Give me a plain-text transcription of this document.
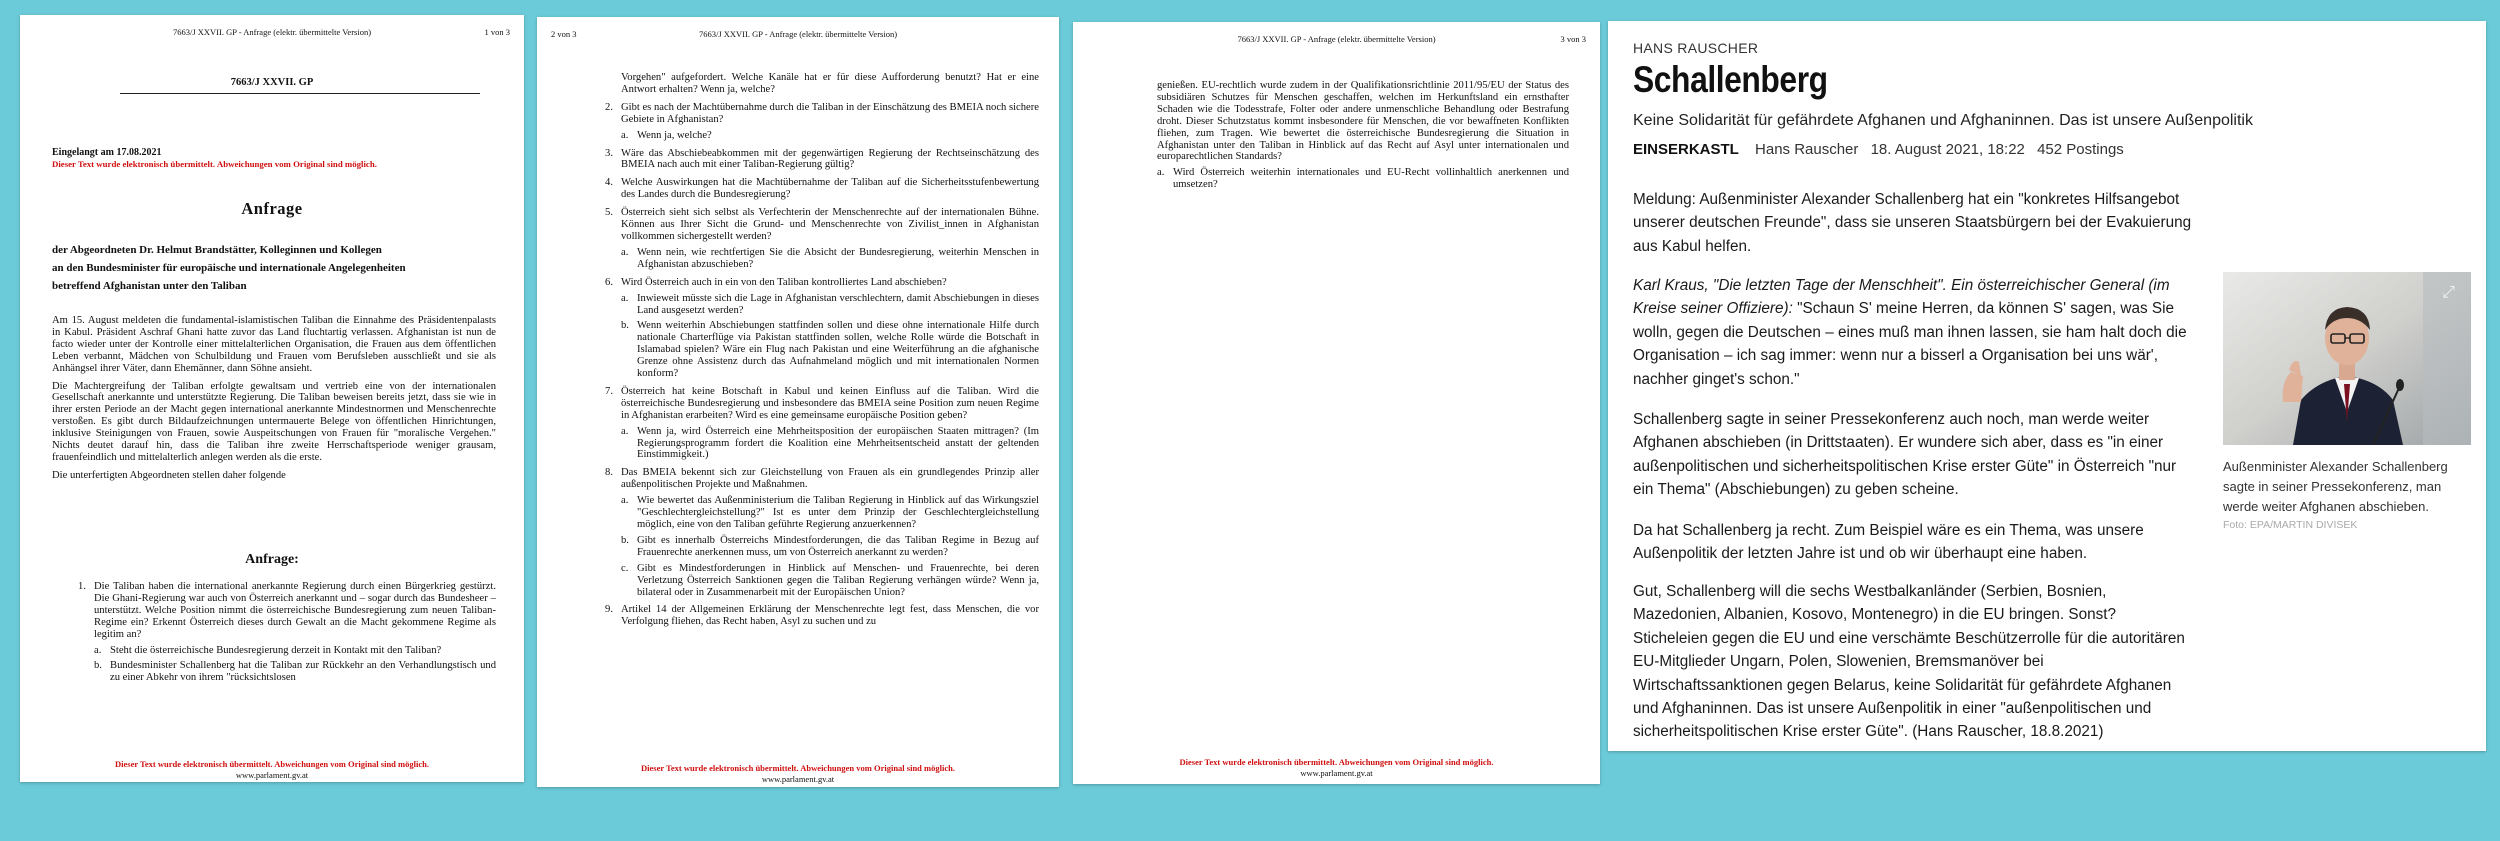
7663/J XXVII. GP - Anfrage (elektr. übermittelte Version)	1 von 3
7663/J XXVII. GP
Eingelangt am 17.08.2021
Dieser Text wurde elektronisch übermittelt. Abweichungen vom Original sind möglich.
Anfrage
der Abgeordneten Dr. Helmut Brandstätter, Kolleginnen und Kollegen
an den Bundesminister für europäische und internationale Angelegenheiten
betreffend Afghanistan unter den Taliban

Am 15. August meldeten die fundamental-islamistischen Taliban die Einnahme des Präsidentenpalasts in Kabul. Präsident Aschraf Ghani hatte zuvor das Land fluchtartig verlassen. Afghanistan ist nun de facto wieder unter der Kontrolle einer mittelalterlichen Organisation, die Frauen aus dem öffentlichen Leben verbannt, Mädchen von Schulbildung und Frauen vom Berufsleben ausschließt und sie als Anhängsel ihrer Väter, dann Ehemänner, dann Söhne ansieht.

Die Machtergreifung der Taliban erfolgte gewaltsam und vertrieb eine von der internationalen Gesellschaft anerkannte und unterstützte Regierung. Die Taliban beweisen bereits jetzt, dass sie wie in ihrer ersten Periode an der Macht gegen international anerkannte Mindestnormen und Menschenrechte verstoßen. Es gibt durch Bildaufzeichnungen untermauerte Belege von öffentlichen Hinrichtungen, inklusive Steinigungen von Frauen, sowie Auspeitschungen von Frauen für "moralische Vergehen." Nichts deutet darauf hin, dass die Taliban ihre zweite Herrschaftsperiode weniger grausam, frauenfeindlich und mittelalterlich anlegen werden als die erste.

Die unterfertigten Abgeordneten stellen daher folgende

Anfrage:
1. Die Taliban haben die international anerkannte Regierung durch einen Bürgerkrieg gestürzt. Die Ghani-Regierung war auch von Österreich anerkannt und – sogar durch das Bundesheer – unterstützt. Welche Position nimmt die österreichische Bundesregierung zum neuen Taliban-Regime ein? Erkennt Österreich dieses durch Gewalt an die Macht gekommene Regime als legitim an?
a. Steht die österreichische Bundesregierung derzeit in Kontakt mit den Taliban?
b. Bundesminister Schallenberg hat die Taliban zur Rückkehr an den Verhandlungstisch und zu einer Abkehr von ihrem "rücksichtslosen
Dieser Text wurde elektronisch übermittelt. Abweichungen vom Original sind möglich.
www.parlament.gv.at
2 von 3	7663/J XXVII. GP - Anfrage (elektr. übermittelte Version)
Vorgehen" aufgefordert. Welche Kanäle hat er für diese Aufforderung benutzt? Hat er eine Antwort erhalten? Wenn ja, welche?
2. Gibt es nach der Machtübernahme durch die Taliban in der Einschätzung des BMEIA noch sichere Gebiete in Afghanistan?
a. Wenn ja, welche?
3. Wäre das Abschiebeabkommen mit der gegenwärtigen Regierung der Rechtseinschätzung des BMEIA nach auch mit einer Taliban-Regierung gültig?
4. Welche Auswirkungen hat die Machtübernahme der Taliban auf die Sicherheitsstufenbewertung des Landes durch die Bundesregierung?
5. Österreich sieht sich selbst als Verfechterin der Menschenrechte auf der internationalen Bühne. Können aus Ihrer Sicht die Grund- und Menschenrechte von Zivilist_innen in Afghanistan vollkommen sichergestellt werden?
a. Wenn nein, wie rechtfertigen Sie die Absicht der Bundesregierung, weiterhin Menschen in Afghanistan abzuschieben?
6. Wird Österreich auch in ein von den Taliban kontrolliertes Land abschieben?
a. Inwieweit müsste sich die Lage in Afghanistan verschlechtern, damit Abschiebungen in dieses Land ausgesetzt werden?
b. Wenn weiterhin Abschiebungen stattfinden sollen und diese ohne internationale Hilfe durch nationale Charterflüge via Pakistan stattfinden sollen, welche Rolle würde die Botschaft in Islamabad spielen? Wäre ein Flug nach Pakistan und eine Weiterführung an die afghanische Grenze ohne Assistenz durch das Aufnahmeland möglich und mit internationalen Normen konform?
7. Österreich hat keine Botschaft in Kabul und keinen Einfluss auf die Taliban. Wird die österreichische Bundesregierung und insbesondere das BMEIA seine Position zum neuen Regime in Afghanistan erarbeiten? Wird es eine gemeinsame europäische Position geben?
a. Wenn ja, wird Österreich eine Mehrheitsposition der europäischen Staaten mittragen? (Im Regierungsprogramm fordert die Koalition eine Mehrheitsentscheid anstatt der geltenden Einstimmigkeit.)
8. Das BMEIA bekennt sich zur Gleichstellung von Frauen als ein grundlegendes Prinzip aller außenpolitischen Projekte und Maßnahmen.
a. Wie bewertet das Außenministerium die Taliban Regierung in Hinblick auf das Wirkungsziel "Geschlechtergleichstellung?" Ist es unter dem Prinzip der Geschlechtergleichstellung möglich, eine von den Taliban geführte Regierung anzuerkennen?
b. Gibt es innerhalb Österreichs Mindestforderungen, die das Taliban Regime in Bezug auf Frauenrechte anerkennen muss, um von Österreich anerkannt zu werden?
c. Gibt es Mindestforderungen in Hinblick auf Menschen- und Frauenrechte, bei deren Verletzung Österreich Sanktionen gegen die Taliban Regierung verhängen würde? Wenn ja, bilateral oder in Zusammenarbeit mit der Europäischen Union?
9. Artikel 14 der Allgemeinen Erklärung der Menschenrechte legt fest, dass Menschen, die vor Verfolgung fliehen, das Recht haben, Asyl zu suchen und zu
Dieser Text wurde elektronisch übermittelt. Abweichungen vom Original sind möglich.
www.parlament.gv.at
7663/J XXVII. GP - Anfrage (elektr. übermittelte Version)	3 von 3
genießen. EU-rechtlich wurde zudem in der Qualifikationsrichtlinie 2011/95/EU der Status des subsidiären Schutzes für Menschen geschaffen, welchen im Herkunftsland ein ernsthafter Schaden wie die Todesstrafe, Folter oder andere unmenschliche Behandlung oder Bestrafung droht. Dieser Schutzstatus kommt insbesondere für Menschen, die vor bewaffneten Konflikten fliehen, zum Tragen. Wie bewertet die österreichische Bundesregierung die Situation in Afghanistan unter den Taliban in Hinblick auf das Recht auf Asyl unter internationalen und europarechtlichen Standards?
a. Wird Österreich weiterhin internationales und EU-Recht vollinhaltlich anerkennen und umsetzen?
Dieser Text wurde elektronisch übermittelt. Abweichungen vom Original sind möglich.
www.parlament.gv.at
HANS RAUSCHER
Schallenberg
Keine Solidarität für gefährdete Afghanen und Afghaninnen. Das ist unsere Außenpolitik
EINSERKASTL Hans Rauscher 18. August 2021, 18:22 452 Postings

Meldung: Außenminister Alexander Schallenberg hat ein "konkretes Hilfsangebot unserer deutschen Freunde", dass sie unseren Staatsbürgern bei der Evakuierung aus Kabul helfen.

Karl Kraus, "Die letzten Tage der Menschheit". Ein österreichischer General (im Kreise seiner Offiziere): "Schaun S' meine Herren, da können S' sagen, was Sie wolln, gegen die Deutschen – eines muß man ihnen lassen, sie ham halt doch die Organisation – ich sag immer: wenn nur a bisserl a Organisation bei uns wär', nachher ginget's schon."

Schallenberg sagte in seiner Pressekonferenz auch noch, man werde weiter Afghanen abschieben (in Drittstaaten). Er wundere sich aber, dass es "in einer außenpolitischen und sicherheitspolitischen Krise erster Güte" in Österreich "nur ein Thema" (Abschiebungen) zu geben scheine.

Da hat Schallenberg ja recht. Zum Beispiel wäre es ein Thema, was unsere Außenpolitik der letzten Jahre ist und ob wir überhaupt eine haben.

Gut, Schallenberg will die sechs Westbalkanländer (Serbien, Bosnien, Mazedonien, Albanien, Kosovo, Montenegro) in die EU bringen. Sonst? Sticheleien gegen die EU und eine verschämte Beschützerrolle für die autoritären EU-Mitglieder Ungarn, Polen, Slowenien, Bremsmanöver bei Wirtschaftssanktionen gegen Belarus, keine Solidarität für gefährdete Afghanen und Afghaninnen. Das ist unsere Außenpolitik in einer "außenpolitischen und sicherheitspolitischen Krise erster Güte". (Hans Rauscher, 18.8.2021)

⤢
Außenminister Alexander Schallenberg sagte in seiner Pressekonferenz, man werde weiter Afghanen abschieben.
Foto: EPA/MARTIN DIVISEK
